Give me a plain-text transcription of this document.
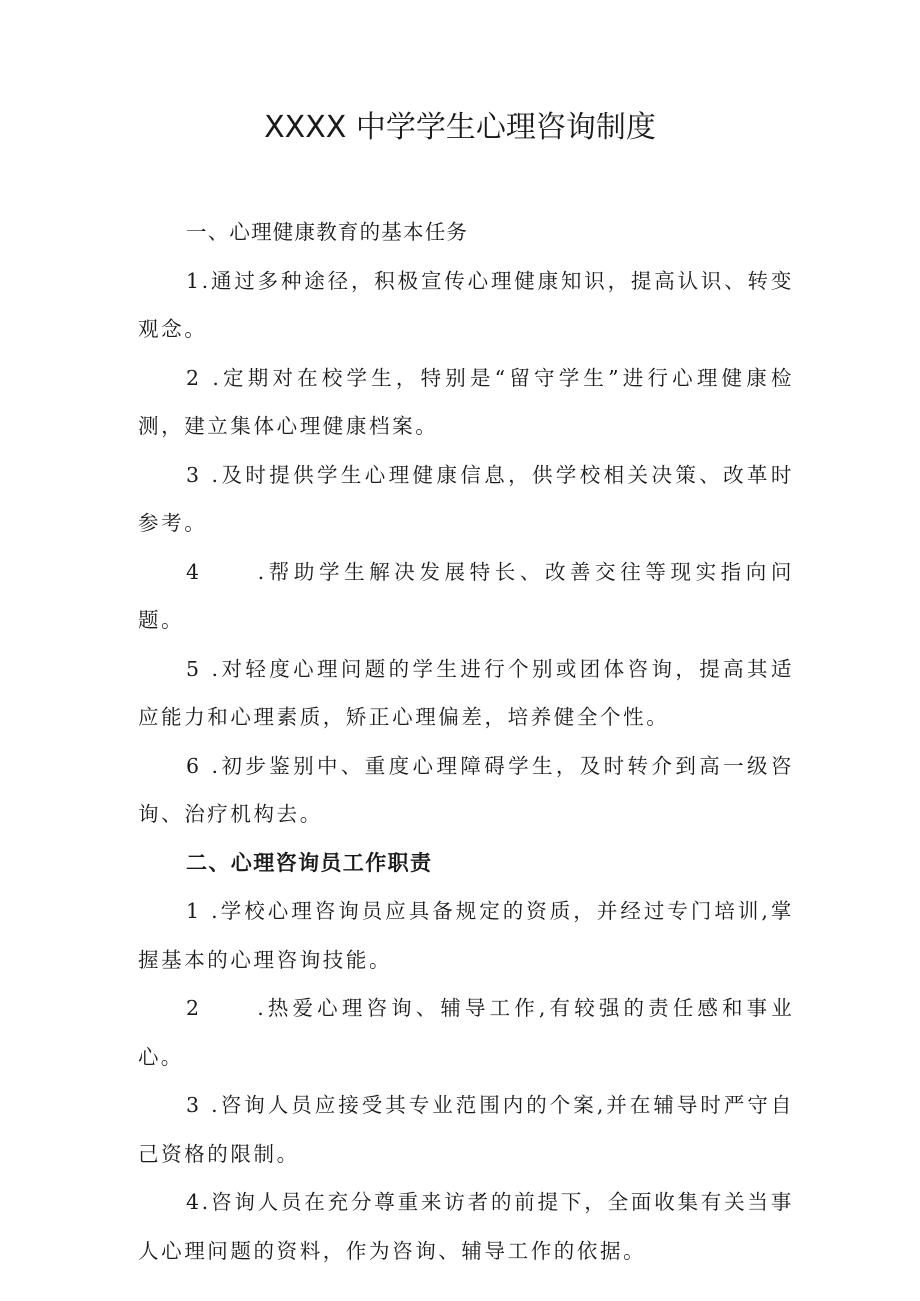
XXXX 中学学生心理咨询制度

一、心理健康教育的基本任务

1.通过多种途径，积极宣传心理健康知识，提高认识、转变观念。

2 .定期对在校学生，特别是“留守学生”进行心理健康检测，建立集体心理健康档案。

3 .及时提供学生心理健康信息，供学校相关决策、改革时参考。

4	.帮助学生解决发展特长、改善交往等现实指向问题。

5 .对轻度心理问题的学生进行个别或团体咨询，提高其适应能力和心理素质，矫正心理偏差，培养健全个性。

6 .初步鉴别中、重度心理障碍学生，及时转介到高一级咨询、治疗机构去。

二、心理咨询员工作职责

1 .学校心理咨询员应具备规定的资质，并经过专门培训,掌握基本的心理咨询技能。

2	.热爱心理咨询、辅导工作,有较强的责任感和事业心。

3 .咨询人员应接受其专业范围内的个案,并在辅导时严守自己资格的限制。

4.咨询人员在充分尊重来访者的前提下，全面收集有关当事人心理问题的资料，作为咨询、辅导工作的依据。
